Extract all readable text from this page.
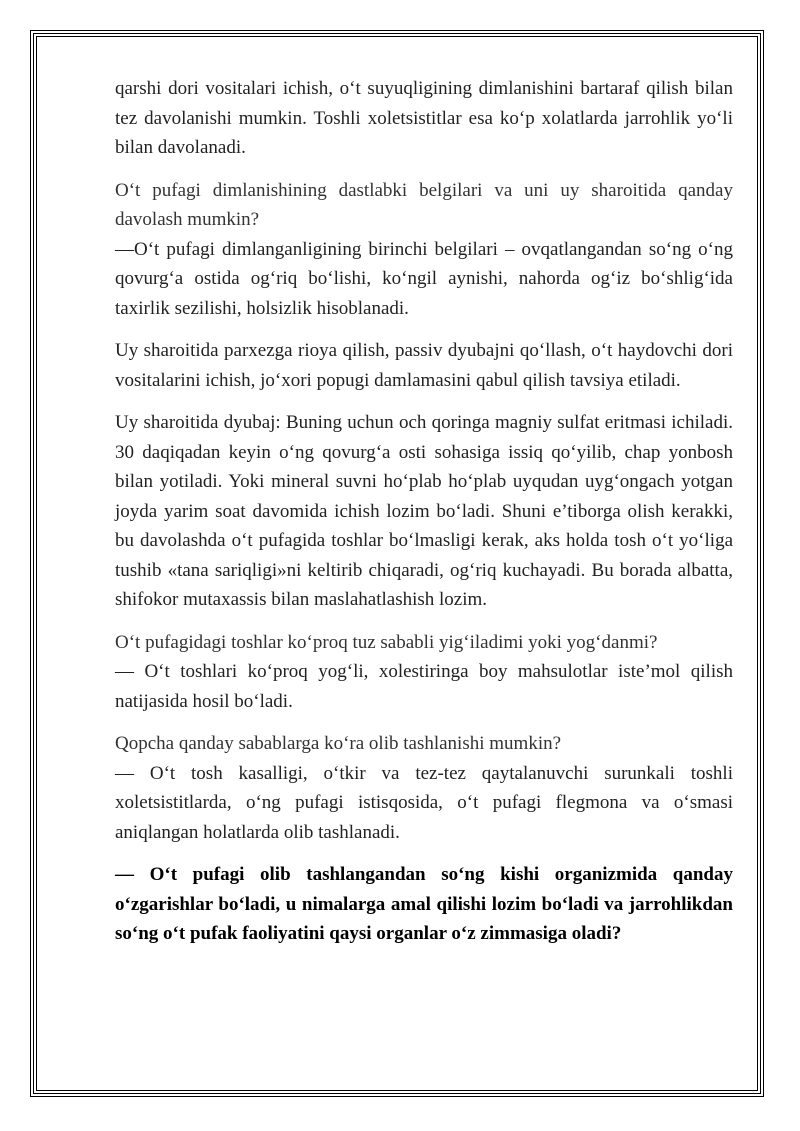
qarshi dori vositalari ichish, o‘t suyuqligining dimlanishini bartaraf qilish bilan tez davolanishi mumkin. Toshli xoletsistitlar esa ko‘p xolatlarda jarrohlik yo‘li bilan davolanadi.

O‘t pufagi dimlanishining dastlabki belgilari va uni uy sharoitida qanday davolash mumkin?
—O‘t pufagi dimlanganligining birinchi belgilari – ovqatlangandan so‘ng o‘ng qovurg‘a ostida og‘riq bo‘lishi, ko‘ngil aynishi, nahorda og‘iz bo‘shlig‘ida taxirlik sezilishi, holsizlik hisoblanadi.

Uy sharoitida parxezga rioya qilish, passiv dyubajni qo‘llash, o‘t haydovchi dori vositalarini ichish, jo‘xori popugi damlamasini qabul qilish tavsiya etiladi.

Uy sharoitida dyubaj: Buning uchun och qoringa magniy sulfat eritmasi ichiladi. 30 daqiqadan keyin o‘ng qovurg‘a osti sohasiga issiq qo‘yilib, chap yonbosh bilan yotiladi. Yoki mineral suvni ho‘plab ho‘plab uyqudan uyg‘ongach yotgan joyda yarim soat davomida ichish lozim bo‘ladi. Shuni e’tiborga olish kerakki, bu davolashda o‘t pufagida toshlar bo‘lmasligi kerak, aks holda tosh o‘t yo‘liga tushib «tana sariqligi»ni keltirib chiqaradi, og‘riq kuchayadi. Bu borada albatta, shifokor mutaxassis bilan maslahatlashish lozim.

O‘t pufagidagi toshlar ko‘proq tuz sababli yig‘iladimi yoki yog‘danmi?
— O‘t toshlari ko‘proq yog‘li, xolestiringa boy mahsulotlar iste’mol qilish natijasida hosil bo‘ladi.

Qopcha qanday sabablarga ko‘ra olib tashlanishi mumkin?
— O‘t tosh kasalligi, o‘tkir va tez-tez qaytalanuvchi surunkali toshli xoletsistitlarda, o‘ng pufagi istisqosida, o‘t pufagi flegmona va o‘smasi aniqlangan holatlarda olib tashlanadi.

— O‘t pufagi olib tashlangandan so‘ng kishi organizmida qanday o‘zgarishlar bo‘ladi, u nimalarga amal qilishi lozim bo‘ladi va jarrohlikdan so‘ng o‘t pufak faoliyatini qaysi organlar o‘z zimmasiga oladi?
